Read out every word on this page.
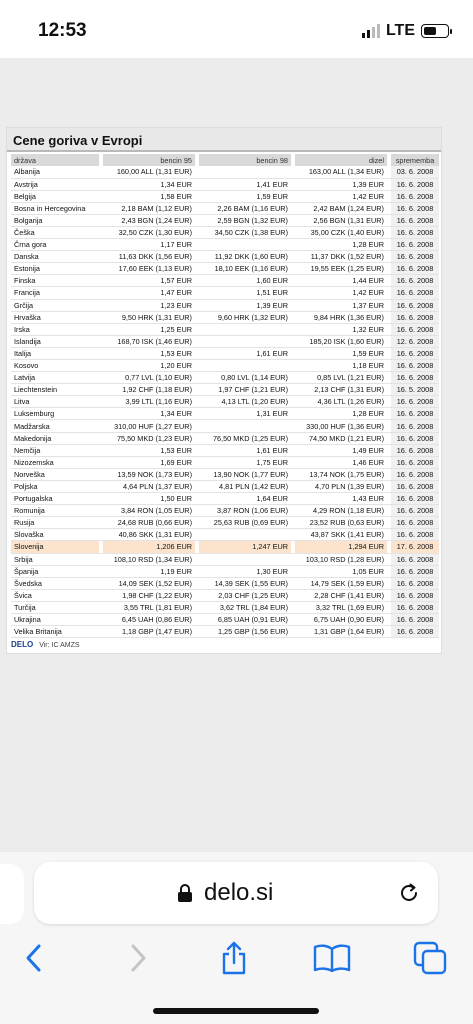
12:53	LTE
Cene goriva v Evropi
država		bencin 95		bencin 98		dizel		sprememba
Albanija		160,00 ALL (1,31 EUR)				163,00 ALL (1,34 EUR)		03. 6. 2008
Avstrija		1,34 EUR		1,41 EUR		1,39 EUR		16. 6. 2008
Belgija		1,58 EUR		1,59 EUR		1,42 EUR		16. 6. 2008
Bosna in Hercegovina		2,18 BAM (1,12 EUR)		2,26 BAM (1,16 EUR)		2,42 BAM (1,24 EUR)		16. 6. 2008
Bolgarija		2,43 BGN (1,24 EUR)		2,59 BGN (1,32 EUR)		2,56 BGN (1,31 EUR)		16. 6. 2008
Češka		32,50 CZK (1,30 EUR)		34,50 CZK (1,38 EUR)		35,00 CZK (1,40 EUR)		16. 6. 2008
Črna gora		1,17 EUR				1,28 EUR		16. 6. 2008
Danska		11,63 DKK (1,56 EUR)		11,92 DKK (1,60 EUR)		11,37 DKK (1,52 EUR)		16. 6. 2008
Estonija		17,60 EEK (1,13 EUR)		18,10 EEK (1,16 EUR)		19,55 EEK (1,25 EUR)		16. 6. 2008
Finska		1,57 EUR		1,60 EUR		1,44 EUR		16. 6. 2008
Francija		1,47 EUR		1,51 EUR		1,42 EUR		16. 6. 2008
Grčija		1,23 EUR		1,39 EUR		1,37 EUR		16. 6. 2008
Hrvaška		9,50 HRK (1,31 EUR)		9,60 HRK (1,32 EUR)		9,84 HRK (1,36 EUR)		16. 6. 2008
Irska		1,25 EUR				1,32 EUR		16. 6. 2008
Islandija		168,70 ISK (1,46 EUR)				185,20 ISK (1,60 EUR)		12. 6. 2008
Italija		1,53 EUR		1,61 EUR		1,59 EUR		16. 6. 2008
Kosovo		1,20 EUR				1,18 EUR		16. 6. 2008
Latvija		0,77 LVL (1,10 EUR)		0,80 LVL (1,14 EUR)		0,85 LVL (1,21 EUR)		16. 6. 2008
Liechtenstein		1,92 CHF (1,18 EUR)		1,97 CHF (1,21 EUR)		2,13 CHF (1,31 EUR)		16. 5. 2008
Litva		3,99 LTL (1,16 EUR)		4,13 LTL (1,20 EUR)		4,36 LTL (1,26 EUR)		16. 6. 2008
Luksemburg		1,34 EUR		1,31 EUR		1,28 EUR		16. 6. 2008
Madžarska		310,00 HUF (1,27 EUR)				330,00 HUF (1,36 EUR)		16. 6. 2008
Makedonija		75,50 MKD (1,23 EUR)		76,50 MKD (1,25 EUR)		74,50 MKD (1,21 EUR)		16. 6. 2008
Nemčija		1,53 EUR		1,61 EUR		1,49 EUR		16. 6. 2008
Nizozemska		1,69 EUR		1,75 EUR		1,46 EUR		16. 6. 2008
Norveška		13,59 NOK (1,73 EUR)		13,90 NOK (1,77 EUR)		13,74 NOK (1,75 EUR)		16. 6. 2008
Poljska		4,64 PLN (1,37 EUR)		4,81 PLN (1,42 EUR)		4,70 PLN (1,39 EUR)		16. 6. 2008
Portugalska		1,50 EUR		1,64 EUR		1,43 EUR		16. 6. 2008
Romunija		3,84 RON (1,05 EUR)		3,87 RON (1,06 EUR)		4,29 RON (1,18 EUR)		16. 6. 2008
Rusija		24,68 RUB (0,66 EUR)		25,63 RUB (0,69 EUR)		23,52 RUB (0,63 EUR)		16. 6. 2008
Slovaška		40,86 SKK (1,31 EUR)				43,87 SKK (1,41 EUR)		16. 6. 2008
Slovenija		1,206 EUR		1,247 EUR		1,294 EUR		17. 6. 2008
Srbija		108,10 RSD (1,34 EUR)				103,10 RSD (1,28 EUR)		16. 6. 2008
Španija		1,19 EUR		1,30 EUR		1,05 EUR		16. 6. 2008
Švedska		14,09 SEK (1,52 EUR)		14,39 SEK (1,55 EUR)		14,79 SEK (1,59 EUR)		16. 6. 2008
Švica		1,98 CHF (1,22 EUR)		2,03 CHF (1,25 EUR)		2,28 CHF (1,41 EUR)		16. 6. 2008
Turčija		3,55 TRL (1,81 EUR)		3,62 TRL (1,84 EUR)		3,32 TRL (1,69 EUR)		16. 6. 2008
Ukrajina		6,45 UAH (0,86 EUR)		6,85 UAH (0,91 EUR)		6,75 UAH (0,90 EUR)		16. 6. 2008
Velika Britanija		1,18 GBP (1,47 EUR)		1,25 GBP (1,56 EUR)		1,31 GBP (1,64 EUR)		16. 6. 2008
DELO Vir: IC AMZS
delo.si
